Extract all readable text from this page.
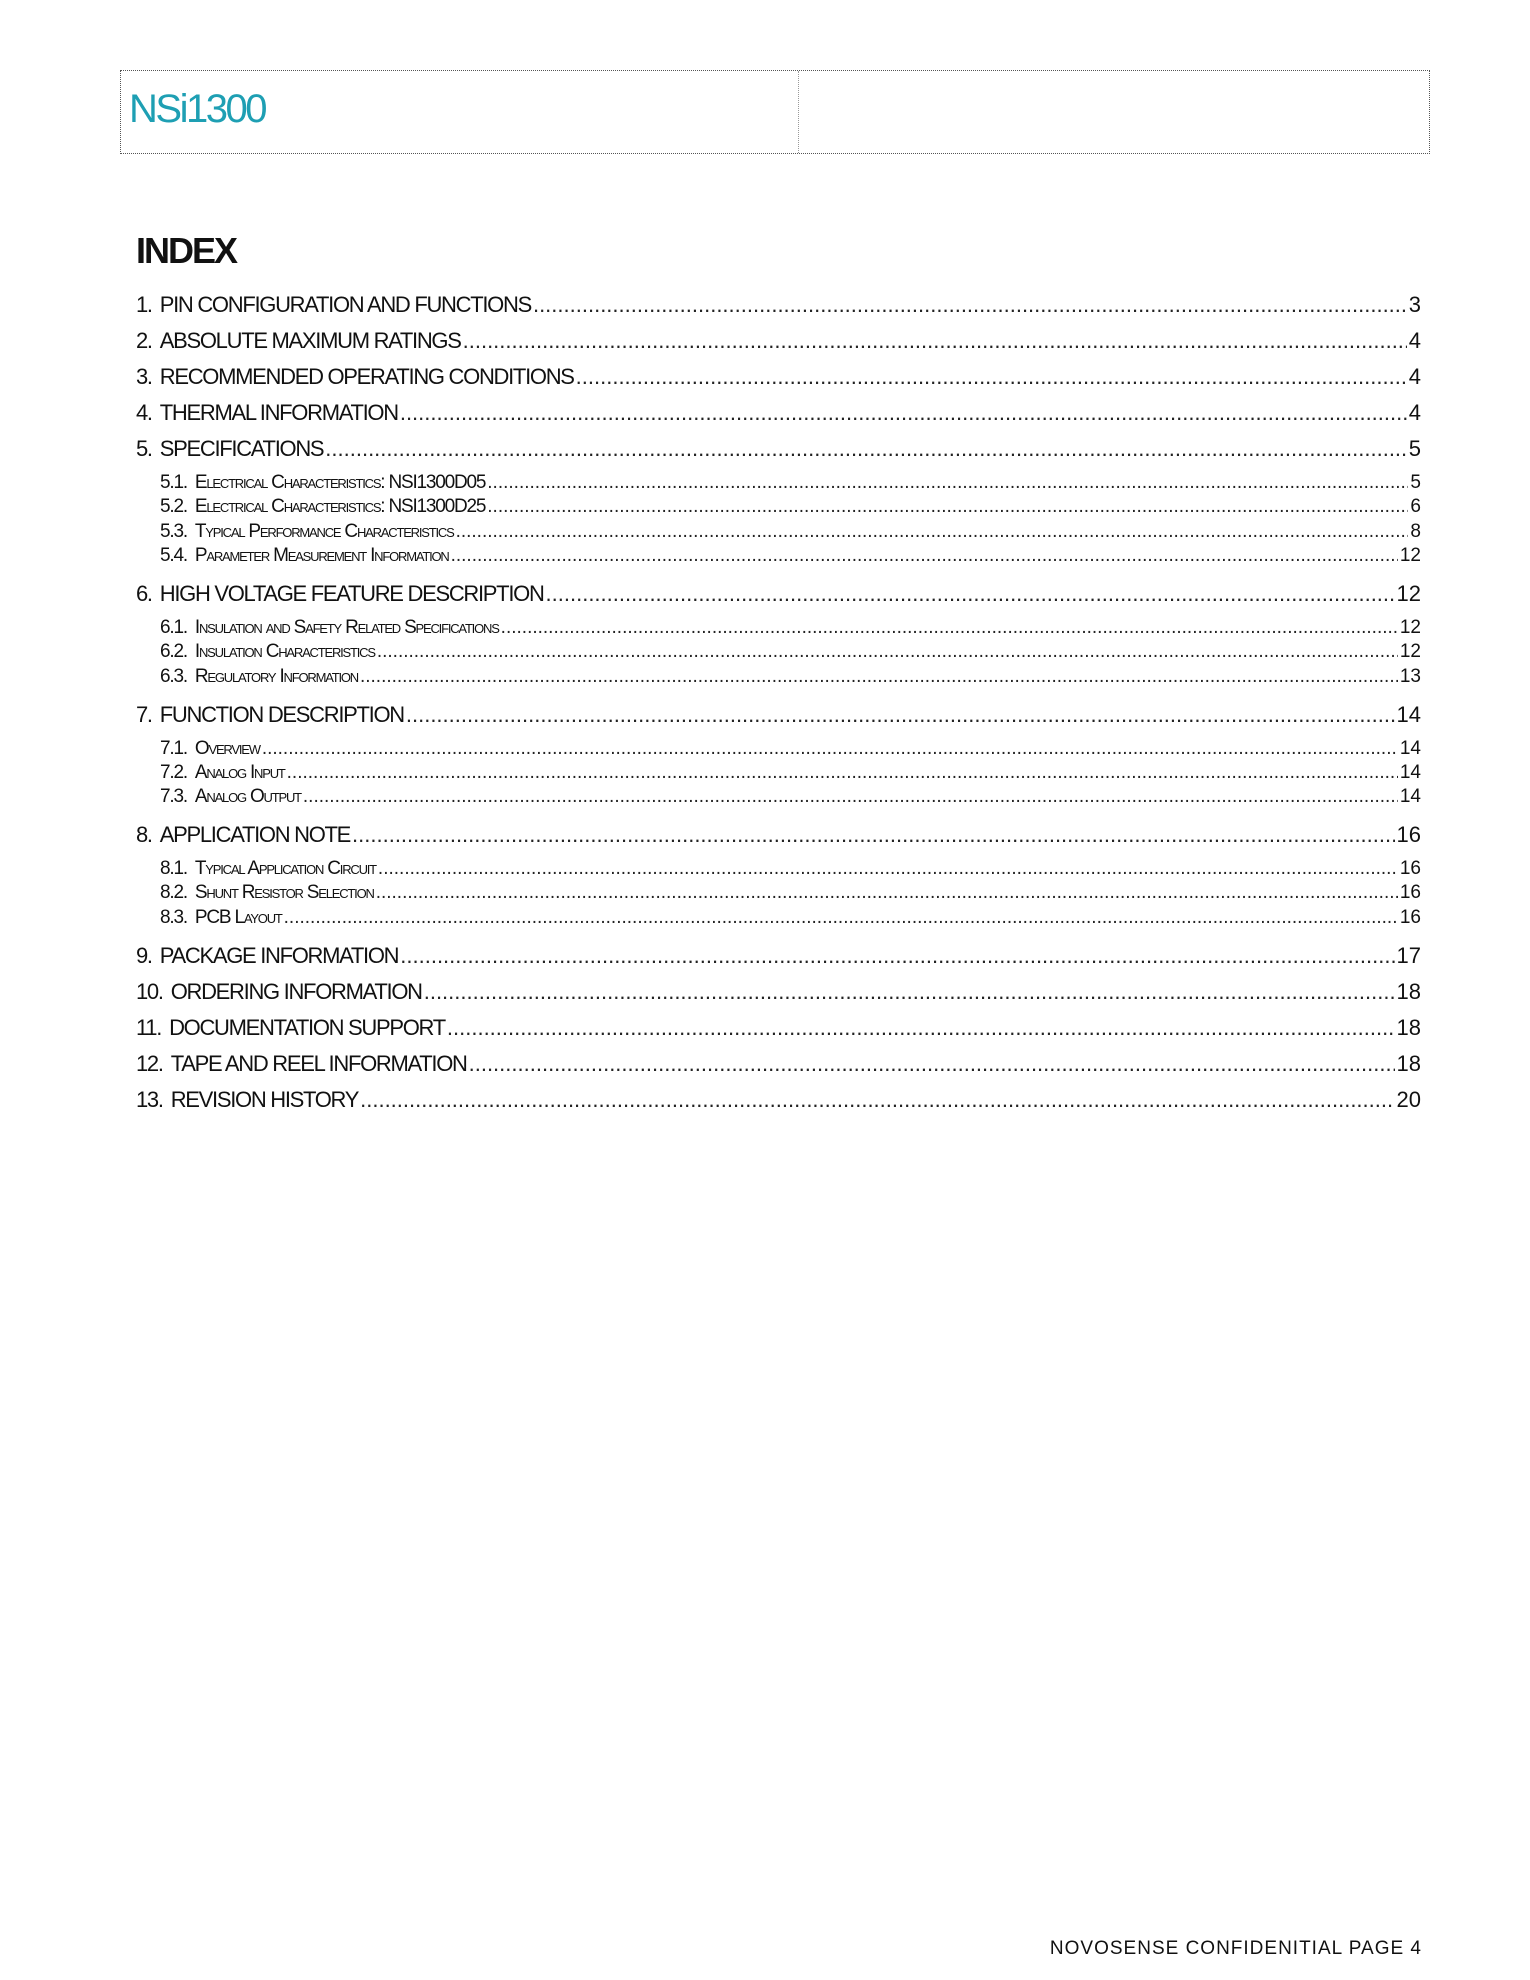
NSi1300
INDEX
1. PIN CONFIGURATION AND FUNCTIONS .....	3
2. ABSOLUTE MAXIMUM RATINGS .....	4
3. RECOMMENDED OPERATING CONDITIONS .....	4
4. THERMAL INFORMATION .....	4
5. SPECIFICATIONS .....	5
5.1. Electrical Characteristics: NSI1300D05 .....	5
5.2. Electrical Characteristics: NSI1300D25 .....	6
5.3. Typical Performance Characteristics .....	8
5.4. Parameter Measurement Information .....	12
6. HIGH VOLTAGE FEATURE DESCRIPTION .....	12
6.1. Insulation and Safety Related Specifications .....	12
6.2. Insulation Characteristics .....	12
6.3. Regulatory Information .....	13
7. FUNCTION DESCRIPTION .....	14
7.1. Overview .....	14
7.2. Analog Input .....	14
7.3. Analog Output .....	14
8. APPLICATION NOTE .....	16
8.1. Typical Application Circuit .....	16
8.2. Shunt Resistor Selection .....	16
8.3. PCB Layout .....	16
9. PACKAGE INFORMATION .....	17
10. ORDERING INFORMATION .....	18
11. DOCUMENTATION SUPPORT .....	18
12. TAPE AND REEL INFORMATION .....	18
13. REVISION HISTORY .....	20
NOVOSENSE CONFIDENITIAL PAGE 4
